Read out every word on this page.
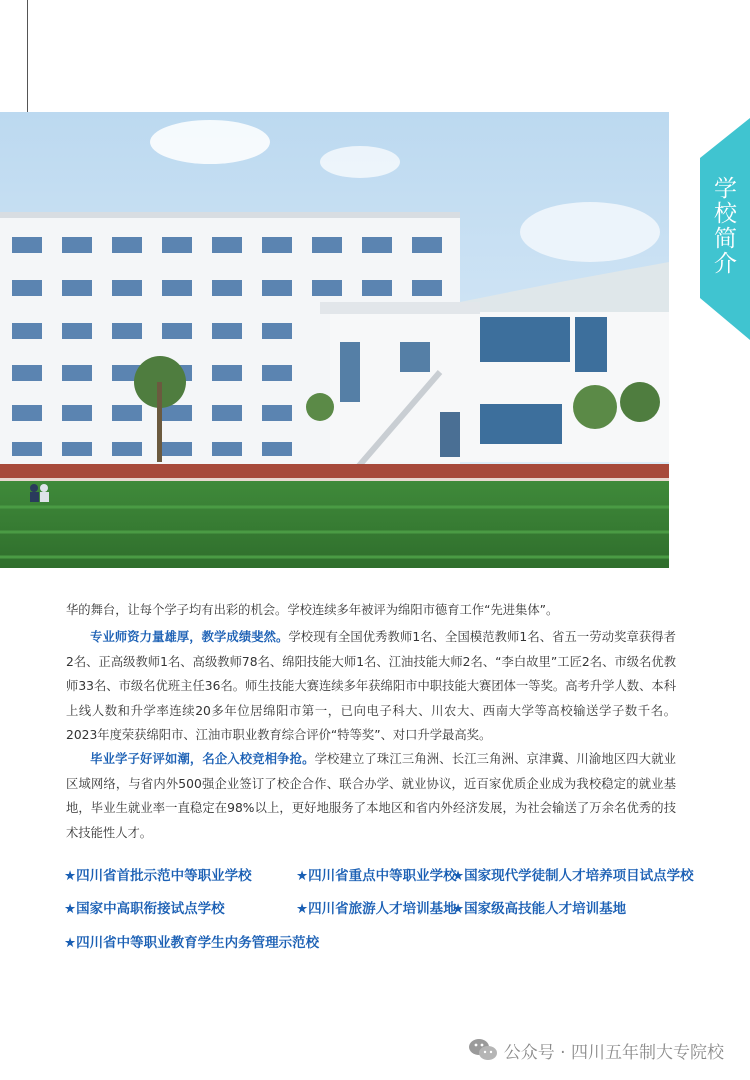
学校简介

华的舞台，让每个学子均有出彩的机会。学校连续多年被评为绵阳市德育工作“先进集体”。

专业师资力量雄厚，教学成绩斐然。学校现有全国优秀教师1名、全国模范教师1名、省五一劳动奖章获得者2名、正高级教师1名、高级教师78名、绵阳技能大师1名、江油技能大师2名、“李白故里”工匠2名、市级名优教师33名、市级名优班主任36名。师生技能大赛连续多年获绵阳市中职技能大赛团体一等奖。高考升学人数、本科上线人数和升学率连续20多年位居绵阳市第一，已向电子科大、川农大、西南大学等高校输送学子数千名。2023年度荣获绵阳市、江油市职业教育综合评价“特等奖”、对口升学最高奖。

毕业学子好评如潮，名企入校竞相争抢。学校建立了珠江三角洲、长江三角洲、京津冀、川渝地区四大就业区域网络，与省内外500强企业签订了校企合作、联合办学、就业协议，近百家优质企业成为我校稳定的就业基地，毕业生就业率一直稳定在98%以上，更好地服务了本地区和省内外经济发展，为社会输送了万余名优秀的技术技能性人才。

★四川省首批示范中等职业学校	★四川省重点中等职业学校
★国家现代学徒制人才培养项目试点学校
★国家中高职衔接试点学校	★四川省旅游人才培训基地
★国家级高技能人才培训基地
★四川省中等职业教育学生内务管理示范校
公众号 · 四川五年制大专院校
